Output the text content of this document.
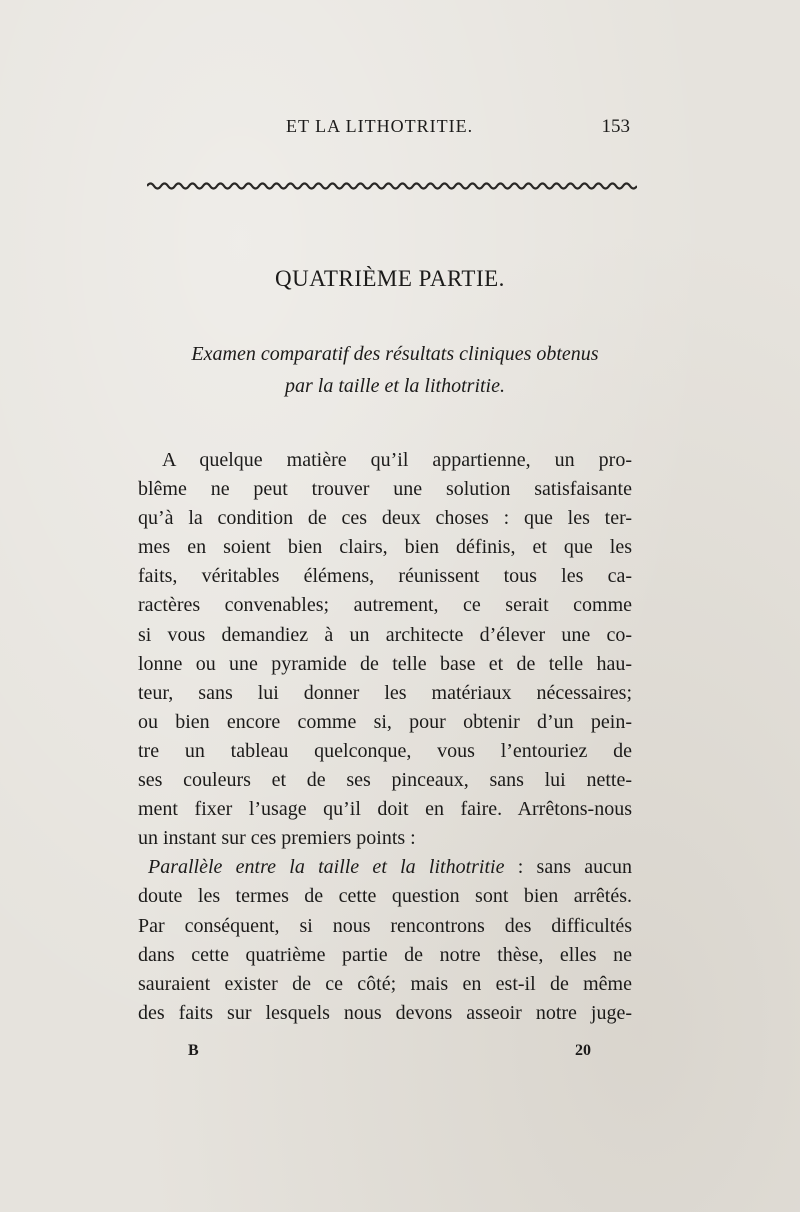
ET LA LITHOTRITIE.	153
QUATRIÈME PARTIE.
Examen comparatif des résultats cliniques obtenus
par la taille et la lithotritie.
A quelque matière qu’il appartienne, un pro-
blême ne peut trouver une solution satisfaisante
qu’à la condition de ces deux choses : que les ter-
mes en soient bien clairs, bien définis, et que les
faits, véritables élémens, réunissent tous les ca-
ractères convenables; autrement, ce serait comme
si vous demandiez à un architecte d’élever une co-
lonne ou une pyramide de telle base et de telle hau-
teur, sans lui donner les matériaux nécessaires;
ou bien encore comme si, pour obtenir d’un pein-
tre un tableau quelconque, vous l’entouriez de
ses couleurs et de ses pinceaux, sans lui nette-
ment fixer l’usage qu’il doit en faire. Arrêtons-nous
un instant sur ces premiers points :
Parallèle entre la taille et la lithotritie : sans aucun
doute les termes de cette question sont bien arrêtés.
Par conséquent, si nous rencontrons des difficultés
dans cette quatrième partie de notre thèse, elles ne
sauraient exister de ce côté; mais en est-il de même
des faits sur lesquels nous devons asseoir notre juge-
B	20
